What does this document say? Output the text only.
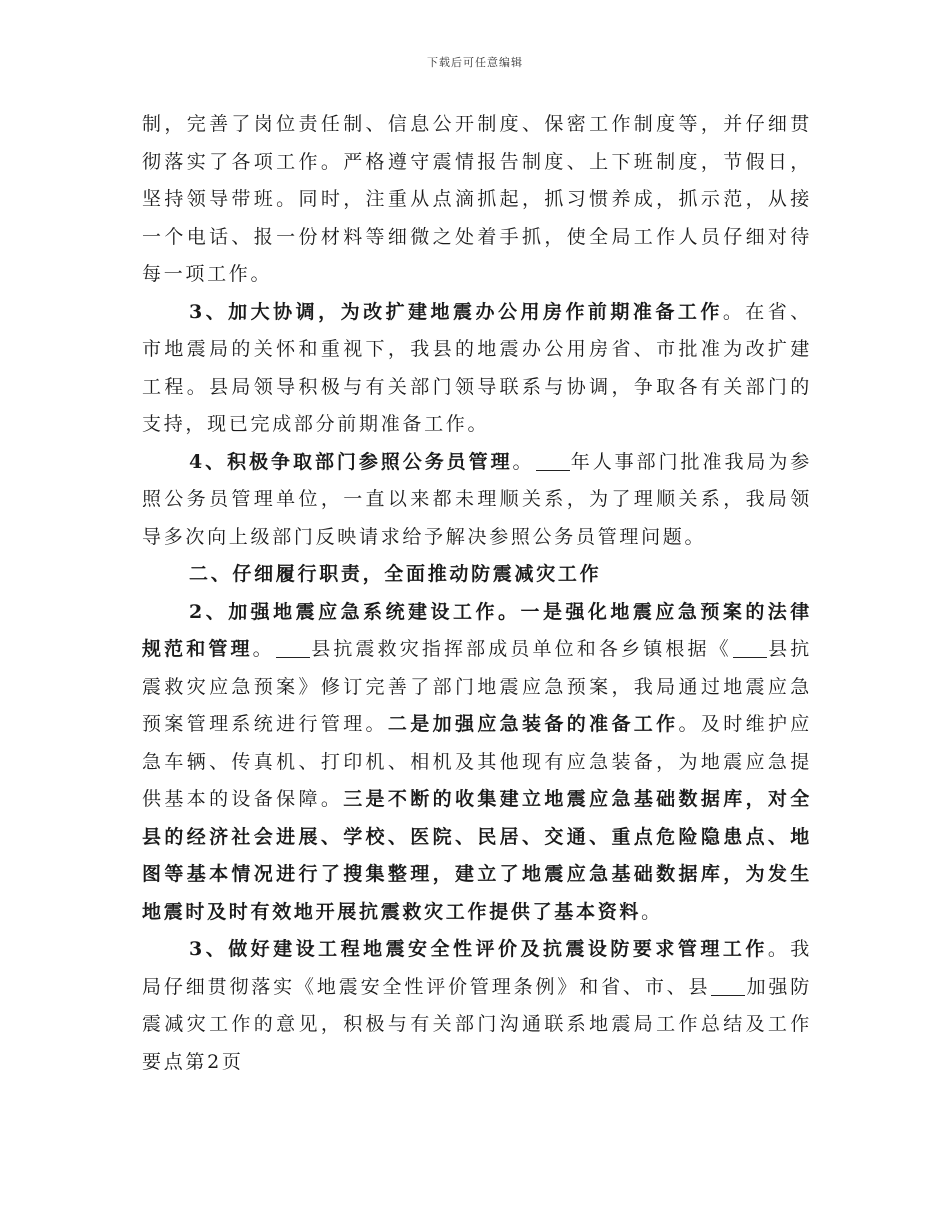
下载后可任意编辑

制，完善了岗位责任制、信息公开制度、保密工作制度等，并仔细贯彻落实了各项工作。严格遵守震情报告制度、上下班制度，节假日，坚持领导带班。同时，注重从点滴抓起，抓习惯养成，抓示范，从接一个电话、报一份材料等细微之处着手抓，使全局工作人员仔细对待每一项工作。

3、加大协调，为改扩建地震办公用房作前期准备工作。在省、市地震局的关怀和重视下，我县的地震办公用房省、市批准为改扩建工程。县局领导积极与有关部门领导联系与协调，争取各有关部门的支持，现已完成部分前期准备工作。

4、积极争取部门参照公务员管理。 年人事部门批准我局为参照公务员管理单位，一直以来都未理顺关系，为了理顺关系，我局领导多次向上级部门反映请求给予解决参照公务员管理问题。

二、仔细履行职责，全面推动防震减灾工作

2、加强地震应急系统建设工作。一是强化地震应急预案的法律规范和管理。 县抗震救灾指挥部成员单位和各乡镇根据《 县抗震救灾应急预案》修订完善了部门地震应急预案，我局通过地震应急预案管理系统进行管理。二是加强应急装备的准备工作。及时维护应急车辆、传真机、打印机、相机及其他现有应急装备，为地震应急提供基本的设备保障。三是不断的收集建立地震应急基础数据库，对全县的经济社会进展、学校、医院、民居、交通、重点危险隐患点、地图等基本情况进行了搜集整理，建立了地震应急基础数据库，为发生地震时及时有效地开展抗震救灾工作提供了基本资料。

3、做好建设工程地震安全性评价及抗震设防要求管理工作。我局仔细贯彻落实《地震安全性评价管理条例》和省、市、县 加强防震减灾工作的意见，积极与有关部门沟通联系地震局工作总结及工作要点第2页
